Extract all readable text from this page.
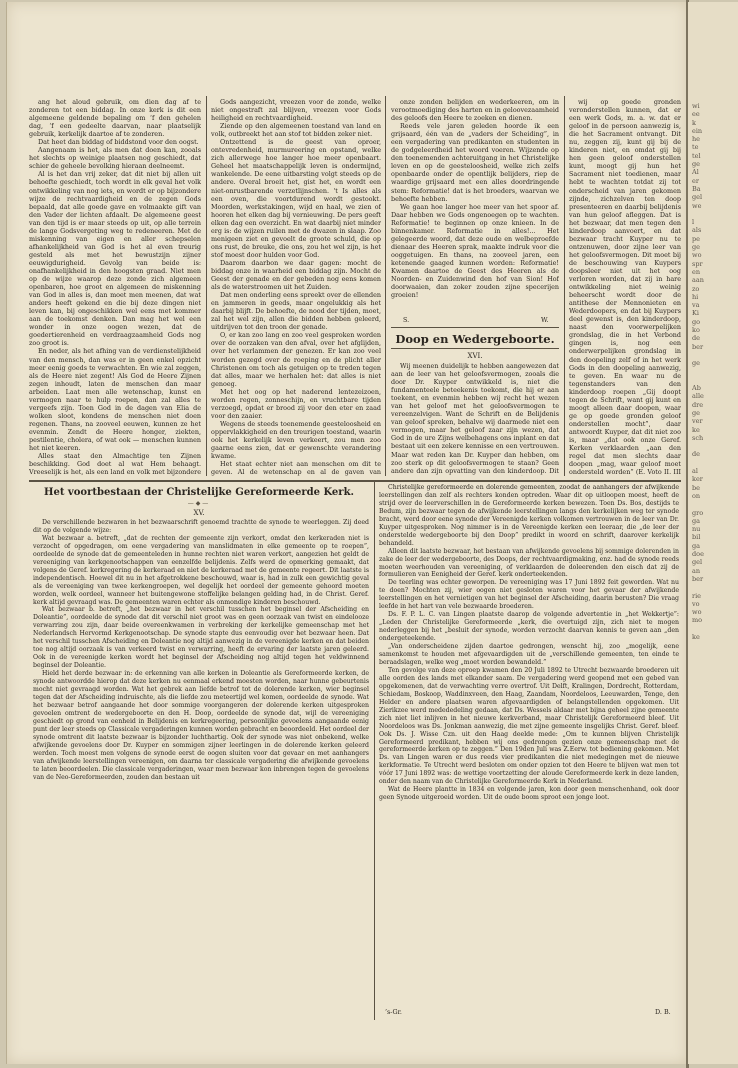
ang het aloud gebruik, om dien dag af te zonderen tot een biddag. In onze kerk is dit een algemeene geldende bepaling om ‘f den gehelen dag, ‘f een gedeelte daarvan, naar plaatselijk gebruik, kerkelijk daartoe af te zonderen.

Dat heet dan biddag of biddstond voor den oogst.

Aangenaam is het, als men dat doen kan, zooals het slechts op weinige plaatsen nog geschiedt, dat schier de geheele bevolking hieraan deelneemt.

Al is het dan vrij zeker, dat dit niet bij allen uit behoefte geschiedt, toch wordt in elk geval het volk ontwikkeling van nog iets, en wordt er op bijzondere wijze de rechtvaardigheid en de zegen Gods bepaald, dat alle goede gave en volmaakte gift van den Vader der lichten afdaalt. De algemeene geest van den tijd is er maar steeds op uit, op alle terrein de lange Godsvergeting weg te redeneeren. Met de miskenning van eigen en aller schepselen afhankelijkheid van God is het al even treurig gesteld als met het bewustzijn zijner eeuwigdurigheid. Gevolg van beide is: onafhankelijkheid in den hoogsten graad. Niet men op de wijze waarop deze zonde zich algemeen openbaren, hoe groot en algemeen de miskenning van God in alles is, dan moet men meenen, dat wat anders heeft gekend en die bij deze dingen niet leven kan, bij ongeschikken wel eens met kommer aan de toekomst denken. Dan mag het wel een wonder in onze oogen wezen, dat de goedertierenheid en verdraagzaamheid Gods nog zoo groot is.

En neder, als het afhing van de verdienstelijkheid van den mensch, dan was er in geen enkel opzicht meer eenig goeds te verwachten. En wie zal zeggen, als de Heere niet zegent! Als God de Heere Zijnen zegen inhoudt, laten de menschen dan maar arbeiden. Laat men alle wetenschap, kunst en vermogen naar te hulp roepen, dan zal alles te vergeefs zijn. Toen God in de dagen van Elia de wolken sloot, kondens de menschen niet doen regenen. Thans, na zooveel eeuwen, kunnen ze het evenmin. Zendt de Heere honger, ziekten, pestilentie, cholera, of wat ook — menschen kunnen het niet keeren.

Alles staat den Almachtige ten Zijnen beschikking. God doet al wat Hem behaagt. Vreeselijk is het, als een land en volk met bijzondere

Gods aangezicht, vreezen voor de zonde, welke niet ongestraft zal blijven, vreezen voor Gods heiligheid en rechtvaardigheid.

Ziende op den algemeenen toestand van land en volk, outbreekt het aan stof tot bidden zeker niet.

Ontzettend is de geest van oproer, ontevredenheid, murmureering en opstand, welke zich allerwege hoe langer hoe meer openbaart. Geheel het maatschappelijk leven is ondermijnd, wankelende. De eene uitbarsting volgt steeds op de andere. Overal broeit het, gist het, en wordt een niet-onrustbarende verzetlijnschen. 't Is alles als een oven, die voortdurend wordt gestookt. Moorden, werkstakingen, wijd en haal, we zien of hooren het elken dag bij vernieuwing. De pers geeft elken dag een overzicht. En wat daarbij niet minder erg is: de wijzen ruilen met de dwazen in slaap. Zoo menigeen ziet en gevoelt de groote schuld, die op ons rust, de breuke, die ons, zou het wel zijn, is het stof moest door hulden voor God.

Daarom daarbon we daar gagen: mocht de biddag onze in waarheid een biddag zijn. Mocht de Geest der genade en der gebeden nog eens komen als de waterstroomen uit het Zuiden.

Dat men onderling eens spreekt over de ellenden en jammeren in geeds, maar ongelukkig als het daarbij blijft. De behoefte, de nood der tijden, moet, zal het wel zijn, allen die bidden hebben geleerd, uitdrijven tot den troon der genade.

O, er kan zoo lang en zoo veel gesproken worden over de oorzaken van den afval, over het afglijden, over het verlammen der genezen. Er kan zoo veel worden gezegd over de roeping en de plicht aller Christenen om toch als getuigen op te treden tegen dat alles, maar we herhalen het: dat alles is niet genoeg.

Met het oog op het naderend lentezeizoen, worden regen, zonneschijn, en vruchtbare tijden verzoegd, opdat er brood zij voor den eter en zaad voor den zaaier.

Wegens de steeds toenemende geesteloosheid en oppervlakkigheid en den treurigen toestand, waarin ook het kerkelijk leven verkeert, zou men zoo gaarne eens zien, dat er gewenschte verandering kwame.

Het staat echter niet aan menschen om dit te geven. Al de wetenschap en al de gaven van

onze zonden belijden en wederkeeren, om in verootmoediging des harten en in geloovezaamheid des geloofs den Heere te zoeken en dienen.

Reeds vele jaren geleden hoorde ik een grijsaard, één van de „vaders der Scheiding”, in een vergadering van predikanten en studenten in de godgeleerdheid het woord voeren. Wijzende op den toenemenden achteruitgang in het Christelijke leven en op de geesteloosheid, welke zich zelfs openbaarde onder de opentlijk belijders, riep de waardige grijsaard met een alles doordringende stem: Reformatie! dat is het broeders, waarvan we behoefte hebben.

We gaan hoe langer hoe meer van het spoor af. Daar hebben we Gods ongenoegen op te wachten. Reformatie! te beginnen op onze knieen. In de binnenkamer. Reformatie in alles!... Het gelegeerde woord, dat deze oude en welbeproefde dienaar des Heeren sprak, maakte indruk voor die ooggetuigen. En thans, na zooveel jaren, een ketenende gaaged kunnen worden: Reformatie! Kwamen daartoe de Geest des Heeren als de Noorden- en Zuidenwind den hof van Sion! Hof doorwaaien, dan zoker zouden zijne specerijen groeien!

S.	W.
Doop en Wedergeboorte.
XVI.

Wij meenen duidelijk te hebben aangewezen dat aan de leer van het geloofsvermogen, zooals die door Dr. Kuyper ontwikkeld is, niet die fundamenteele beteekenis toekomt, die hij er aan toekent, en evenmin hebben wij recht het wezen van het geloof met het geloofsvermogen te vereenzelvigen. Want de Schrift en de Belijdenis van geloof spreken, behalve wij daarmede niet een vermogen, maar het geloof zaar zijn wezen, dat God in de ure Zijns welbehagens ons inplant en dat bestaat uit een zekere kennisse en een vertrouwen. Maar wat reden kan Dr. Kuyper dan hebben, om zoo sterk op dit geloofsvermogen te staan? Geen andere dan zijn opvatting van den kinderdoop. Dit

wij op goede gronden veronderstellen kunnen, dat er een werk Gods, m. a. w. dat er geloof in de persoon aanwezig is, die het Sacrament ontvangt. Dit nu, zeggen zij, kunt gij bij de kinderen niet, en omdat gij bij hen geen geloof onderstellen kunt, moogt gij hun het Sacrament niet toedienen, maar hebt te wachten totdat zij tot onderscheid van jaren gekomen zijnde, zichzelven ten doop presenteeren en daarbij belijdenis van hun geloof afleggen. Dat is het bezwaar, dat men tegen den kinderdoop aanvoert, en dat bezwaar tracht Kuyper nu te ontzenuwen, door zijne leer van het geloofsvermogen. Dit moet bij de beschouwing van Kuypers doopsleer niet uit het oog verloren worden, dat zij in hare ontwikkeling niet weinig beheerscht wordt door de antithese der Mennonieten en Wederdoopers, en dat bij Kuypers deel gewenst is, den kinderdoop, naast den voorwerpelijken grondslag, die in het Verbond gingen is, nog een onderwerpelijken grondslag in den doopeling zelf of in het werk Gods in den doopeling aanwezig, te geven. En waar nu de tegenstanders van den kinderdoop roepen „Gij doopt tegen de Schrift, want gij kunt en moogt alleen daar doopen, waar ge op goede gronden geloof onderstellen mocht”, daar antwoordt Kuyper, dat dit niet zoo is, maar „dat ook onze Geref. Kerken verklaarden „aan den regel dat men slechts daar doopen „mag, waar geloof moet ondersteld worden” (E. Voto II. III

Het voortbestaan der Christelijke Gereformeerde Kerk.
—◆—
XV.

De verschillende bezwaren in het bezwaarschrift genoemd trachtte de synode te weerleggen. Zij deed dit op de volgende wijze:

Wat bezwaar a. betreft, „dat de rechten der gemeente zijn verkort, omdat den kerkeraden niet is verzocht of opgedragen, om eene vergadering van manslidmaten in elke gemeente op te roepen”, oordeelde de synode dat de gemeenteleden in hunne rechten niet waren verkort, aangezien het geldt de vereeniging van kerkgenootschappen van eenzelfde belijdenis. Zelfs werd de opmerking gemaakt, dat volgens de Geref. kerkregering de kerkeraad en niet de kerkeraad met de gemeente regeert. Dit laatste is independentisch. Hoewel dit nu in het afgetrokkene beschouwd, waar is, had in zulk een gewichtig geval als de vereeniging van twee kerkengroepen, wel degelijk het oordeel der gemeente gehoord moeten worden, welk oordeel, wanneer het buitengewone stoffelijke belangen gelding had, in de Christ. Geref. kerk altijd gevraagd was. De gemeenten waren echter als onmondige kinderen beschouwd.

Wat bezwaar b. betreft, „het bezwaar in het verschil tusschen het beginsel der Afscheiding en Doleantie”, oordeelde de synode dat dit verschil niet groot was en geen oorzaak van twist en eindelooze verwarring zou zijn, daar beide overeenkwamen in verbreking der kerkelijke gemeenschap met het Nederlandsch Hervormd Kerkgenootschap. De synode stapte dus eenvoudig over het bezwaar heen. Dat het verschil tusschen Afscheiding en Doleantie nog altijd aanwezig in de vereenigde kerken en dat beiden toe nog altijd oorzaak is van verkeerd twist en verwarring, heeft de ervaring der laatste jaren geleerd. Ook in de vereenigde kerken wordt het beginsel der Afscheiding nog altijd tegen het veldwinnend beginsel der Doleantie.

Hield het derde bezwaar in: de erkenning van alle kerken in Doleantie als Gereformeerde kerken, de synode antwoordde hierop dat deze kerken nu eenmaal erkend moesten worden, naar hunne gebeurtenis mocht niet gevraagd worden. Wat het gebrek aan liefde betrof tot de dolerende kerken, wier beginsel tegen dat der Afscheiding indruischte, als die liefde zou meteertijd wel komen, oordeelde de synode. Wat het bezwaar betrof aangaande het door sommige voorgangeren der dolerende kerken uitgesproken gevoelen omtrent de wedergeboorte en den H. Doop, oordeelde de synode dat, wijl de vereeniging geschiedt op grond van eenheid in Belijdenis en kerkregeering, persoonlijke gevoelens aangaande eenig punt der leer steeds op Classicale vergaderingen kunnen worden gebracht en beoordeeld. Het oordeel der synode omtrent dit laatste bezwaar is bijzonder luchthartig. Ook der synode was niet onbekend, welke afwijkende gevoelens door Dr. Kuyper en sommigen zijner leerlingen in de dolerende kerken geleerd werden. Toch moest men volgens de synode eerst de oogen sluiten voor dat gevaar en met aanhangers van afwijkende leerstellingen vereenigen, om daarna ter classicale vergadering die afwijkende gevoelens te laten beoordeelen. Die classicale vergaderingen, waar men bezwaar kon inbrengen tegen de gevoelens van de Neo-Gereformeerden, zouden dan bestaan uit

Christelijke gereformeerde en dolerende gemeenten, zoodat de aanhangers der afwijkende leerstellingen dan zelf als rechters konden optreden. Waar dit op uitloopen moest, heeft de strijd over de leerverschillen in de Gereformeerde kerken bewezen. Toen Ds. Bos, destijds te Bedum, zijn bezwaar tegen de afwijkende leerstellingen langs den kerkelijken weg ter synode bracht, werd door eene synode der Vereenigde kerken volkomen vertrouwen in de leer van Dr. Kuyper uitgesproken. Nog nimmer is in de Vereenigde kerken een leeraar, die „de leer der onderstelde wedergeboorte bij den Doop” predikt in woord en schrift, daarover kerkelijk behandeld.

Alleen dit laatste bezwaar, het bestaan van afwijkende gevoelens bij sommige dolerenden in zake de leer der wedergeboorte, des Doops, der rechtvaardigmaking, enz. had de synode reeds moeten weerhouden van vereeniging, of verklaarden de doleerenden den eisch dat zij de formulieren van Eenigheid der Geref. kerk onderteekenden.

De teerling was echter geworpen. De vereeniging was 17 Juni 1892 feit geworden. Wat nu te doen? Mochten zij, wier oogen niet gesloten waren voor het gevaar der afwijkende leerstellingen en het vernietigen van het beginsel der Afscheiding, daarin berusten? Die vraag leefde in het hart van vele bezwaarde broederen.

Ds. F. P. L. C. van Lingen plaatste daarop de volgende advertentie in „het Wekkertje”: „Leden der Christelijke Gereformeerde „kerk, die overtuigd zijn, zich niet te mogen nederleggen bij het „besluit der synode, worden verzocht daarvan kennis te geven aan „den ondergeteekende.

„Van onderscheidene zijden daartoe gedrongen, wenscht hij, zoo „mogelijk, eene samenkomst te houden met afgevaardigden uit de „verschillende gemeenten, ten einde te beraadslagen, welke weg „moet worden bewandeld.”

Ten gevolge van deze oproep kwamen den 20 Juli 1892 te Utrecht bezwaarde broederen uit alle oorden des lands met elkander saam. De vergadering werd geopend met een gebed van opgekomenen, dat de verwachting verre overtrof. Uit Delft, Kralingen, Dordrecht, Rotterdam, Schiedam, Boskoop, Waddinxveen, den Haag, Zaandam, Noordeloos, Leeuwarden, Tenge, den Helder en andere plaatsen waren afgevaardigden of belangstellenden opgekomen. Uit Zierikzee werd medededeling gedaan, dat Ds. Wessels aldaar met bijna geheel zijne gemeente zich niet liet inlijven in het nieuwe kerkverband, maar Christelijk Gereformeerd bleef. Uit Noordeloos was Ds. Jonkman aanwezig, die met zijne gemeente insgelijks Christ. Geref. bleef. Ook Ds. J. Wisse Czn. uit den Haag deelde mede: „Om te kunnen blijven Christelijk Gereformeerd predikant, hebben wij ons gedrongen gezien onze gemeenschap met de gereformeerde kerken op te zeggen.” Den 19den Juli was Z.Eerw. tot bediening gekomen. Met Ds. van Lingen waren er dus reeds vier predikanten die niet medegingen met de nieuwe kerkformatie. Te Utrecht werd besloten om onder opzien tot den Heere te blijven wat men tot vóór 17 Juni 1892 was: de wettige voortzetting der aloude Gereformeerde kerk in deze landen, onder den naam van de Christelijke Gereformeerde Kerk in Nederland.

Wat de Heere plantte in 1834 en volgende jaren, kon door geen menschenhand, ook door geen Synode uitgeroeid worden. Uit de oude boom sproot een jonge loot.

’s-Gr.	D. B.
wi
ee
k
ein
he
te
tel
ge
Al
er
Ba
gel
we

l
als
pe
ge
wo
spr
en
aan
zo
hi
va
Ki
go
ko
de
ber

ge

Ab
alle
dre
ge
ver
ke
sch

de

al
ker
be
on

gro
ga
nu
bil
ga
doe
gel
an
ber

rie
vo
wo
mo

ke
